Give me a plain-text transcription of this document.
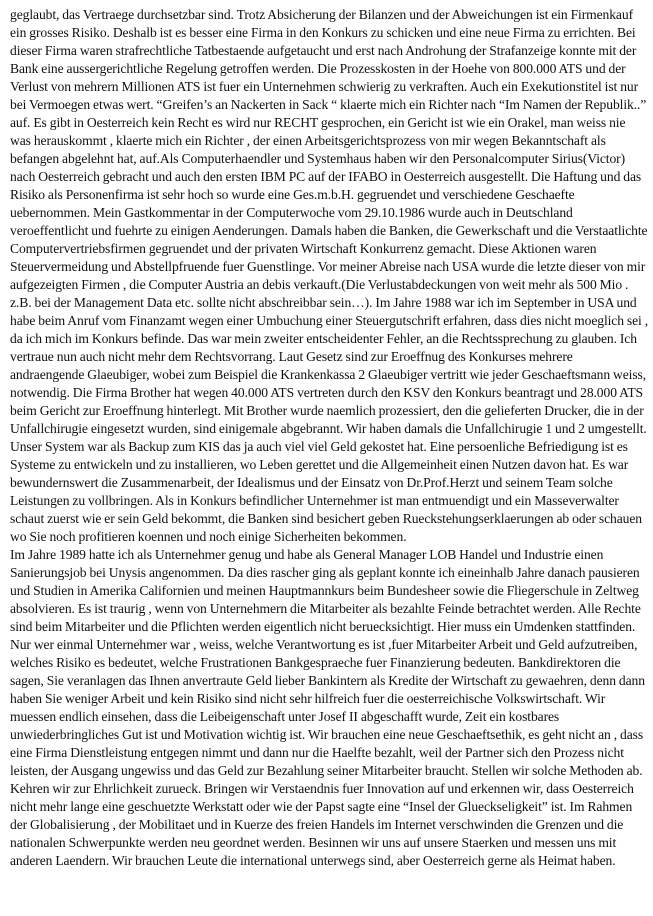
geglaubt, das Vertraege durchsetzbar sind. Trotz Absicherung der Bilanzen und der Abweichungen ist ein Firmenkauf ein grosses Risiko. Deshalb ist es besser eine Firma in den Konkurs zu schicken und eine neue Firma zu errichten. Bei dieser Firma waren strafrechtliche Tatbestaende aufgetaucht und erst nach Androhung der Strafanzeige konnte mit der Bank eine aussergerichtliche Regelung getroffen werden. Die Prozesskosten in der Hoehe von 800.000 ATS und der Verlust von mehrern Millionen ATS ist fuer ein Unternehmen schwierig zu verkraften. Auch ein Exekutionstitel ist nur bei Vermoegen etwas wert. “Greifen’s an Nackerten in Sack “ klaerte mich ein Richter nach “Im Namen der Republik..” auf. Es gibt in Oesterreich kein Recht es wird nur RECHT gesprochen, ein Gericht ist wie ein Orakel, man weiss nie was herauskommt , klaerte mich ein Richter , der einen Arbeitsgerichtsprozess von mir wegen Bekanntschaft als befangen abgelehnt hat, auf.Als Computerhaendler und Systemhaus haben wir den Personalcomputer Sirius(Victor) nach Oesterreich gebracht und auch den ersten IBM PC auf der IFABO in Oesterreich ausgestellt. Die Haftung und das Risiko als Personenfirma ist sehr hoch so wurde eine Ges.m.b.H. gegruendet und verschiedene Geschaefte uebernommen. Mein Gastkommentar in der Computerwoche vom 29.10.1986 wurde auch in Deutschland veroeffentlicht und fuehrte zu einigen Aenderungen. Damals haben die Banken, die Gewerkschaft und die Verstaatlichte Computervertriebsfirmen gegruendet und der privaten Wirtschaft Konkurrenz gemacht. Diese Aktionen waren Steuervermeidung und Abstellpfruende fuer Guenstlinge. Vor meiner Abreise nach USA wurde die letzte dieser von mir aufgezeigten Firmen , die Computer Austria an debis verkauft.(Die Verlustabdeckungen von weit mehr als 500 Mio . z.B. bei der Management Data etc. sollte nicht abschreibbar sein…). Im Jahre 1988 war ich im September in USA und habe beim Anruf vom Finanzamt wegen einer Umbuchung einer Steuergutschrift erfahren, dass dies nicht moeglich sei , da ich mich im Konkurs befinde. Das war mein zweiter entscheidenter Fehler, an die Rechtssprechung zu glauben. Ich vertraue nun auch nicht mehr dem Rechtsvorrang. Laut Gesetz sind zur Eroeffnug des Konkurses mehrere andraengende Glaeubiger, wobei zum Beispiel die Krankenkassa 2 Glaeubiger vertritt wie jeder Geschaeftsmann weiss, notwendig. Die Firma Brother hat wegen 40.000 ATS vertreten durch den KSV den Konkurs beantragt und 28.000 ATS beim Gericht zur Eroeffnung hinterlegt. Mit Brother wurde naemlich prozessiert, den die gelieferten Drucker, die in der Unfallchirugie eingesetzt wurden, sind einigemale abgebrannt. Wir haben damals die Unfallchirugie 1 und 2 umgestellt. Unser System war als Backup zum KIS das ja auch viel viel Geld gekostet hat. Eine persoenliche Befriedigung ist es Systeme zu entwickeln und zu installieren, wo Leben gerettet und die Allgemeinheit einen Nutzen davon hat. Es war bewundernswert die Zusammenarbeit, der Idealismus und der Einsatz von Dr.Prof.Herzt und seinem Team solche Leistungen zu vollbringen. Als in Konkurs befindlicher Unternehmer ist man entmuendigt und ein Masseverwalter schaut zuerst wie er sein Geld bekommt, die Banken sind besichert geben Rueckstehungserklaerungen ab oder schauen wo Sie noch profitieren koennen und noch einige Sicherheiten bekommen.

Im Jahre 1989 hatte ich als Unternehmer genug und habe als General Manager LOB Handel und Industrie einen Sanierungsjob bei Unysis angenommen. Da dies rascher ging als geplant konnte ich eineinhalb Jahre danach pausieren und Studien in Amerika Californien und meinen Hauptmannkurs beim Bundesheer sowie die Fliegerschule in Zeltweg absolvieren. Es ist traurig , wenn von Unternehmern die Mitarbeiter als bezahlte Feinde betrachtet werden. Alle Rechte sind beim Mitarbeiter und die Pflichten werden eigentlich nicht beruecksichtigt. Hier muss ein Umdenken stattfinden. Nur wer einmal Unternehmer war , weiss, welche Verantwortung es ist ,fuer Mitarbeiter Arbeit und Geld aufzutreiben, welches Risiko es bedeutet, welche Frustrationen Bankgespraeche fuer Finanzierung bedeuten. Bankdirektoren die sagen, Sie veranlagen das Ihnen anvertraute Geld lieber Bankintern als Kredite der Wirtschaft zu gewaehren, denn dann haben Sie weniger Arbeit und kein Risiko sind nicht sehr hilfreich fuer die oesterreichische Volkswirtschaft. Wir muessen endlich einsehen, dass die Leibeigenschaft unter Josef II abgeschafft wurde, Zeit ein kostbares unwiederbringliches Gut ist und Motivation wichtig ist. Wir brauchen eine neue Geschaeftsethik, es geht nicht an , dass eine Firma Dienstleistung entgegen nimmt und dann nur die Haelfte bezahlt, weil der Partner sich den Prozess nicht leisten, der Ausgang ungewiss und das Geld zur Bezahlung seiner Mitarbeiter braucht. Stellen wir solche Methoden ab. Kehren wir zur Ehrlichkeit zurueck. Bringen wir Verstaendnis fuer Innovation auf und erkennen wir, dass Oesterreich nicht mehr lange eine geschuetzte Werkstatt oder wie der Papst sagte eine “Insel der Glueckseligkeit” ist. Im Rahmen der Globalisierung , der Mobilitaet und in Kuerze des freien Handels im Internet verschwinden die Grenzen und die nationalen Schwerpunkte werden neu geordnet werden. Besinnen wir uns auf unsere Staerken und messen uns mit anderen Laendern. Wir brauchen Leute die international unterwegs sind, aber Oesterreich gerne als Heimat haben.
